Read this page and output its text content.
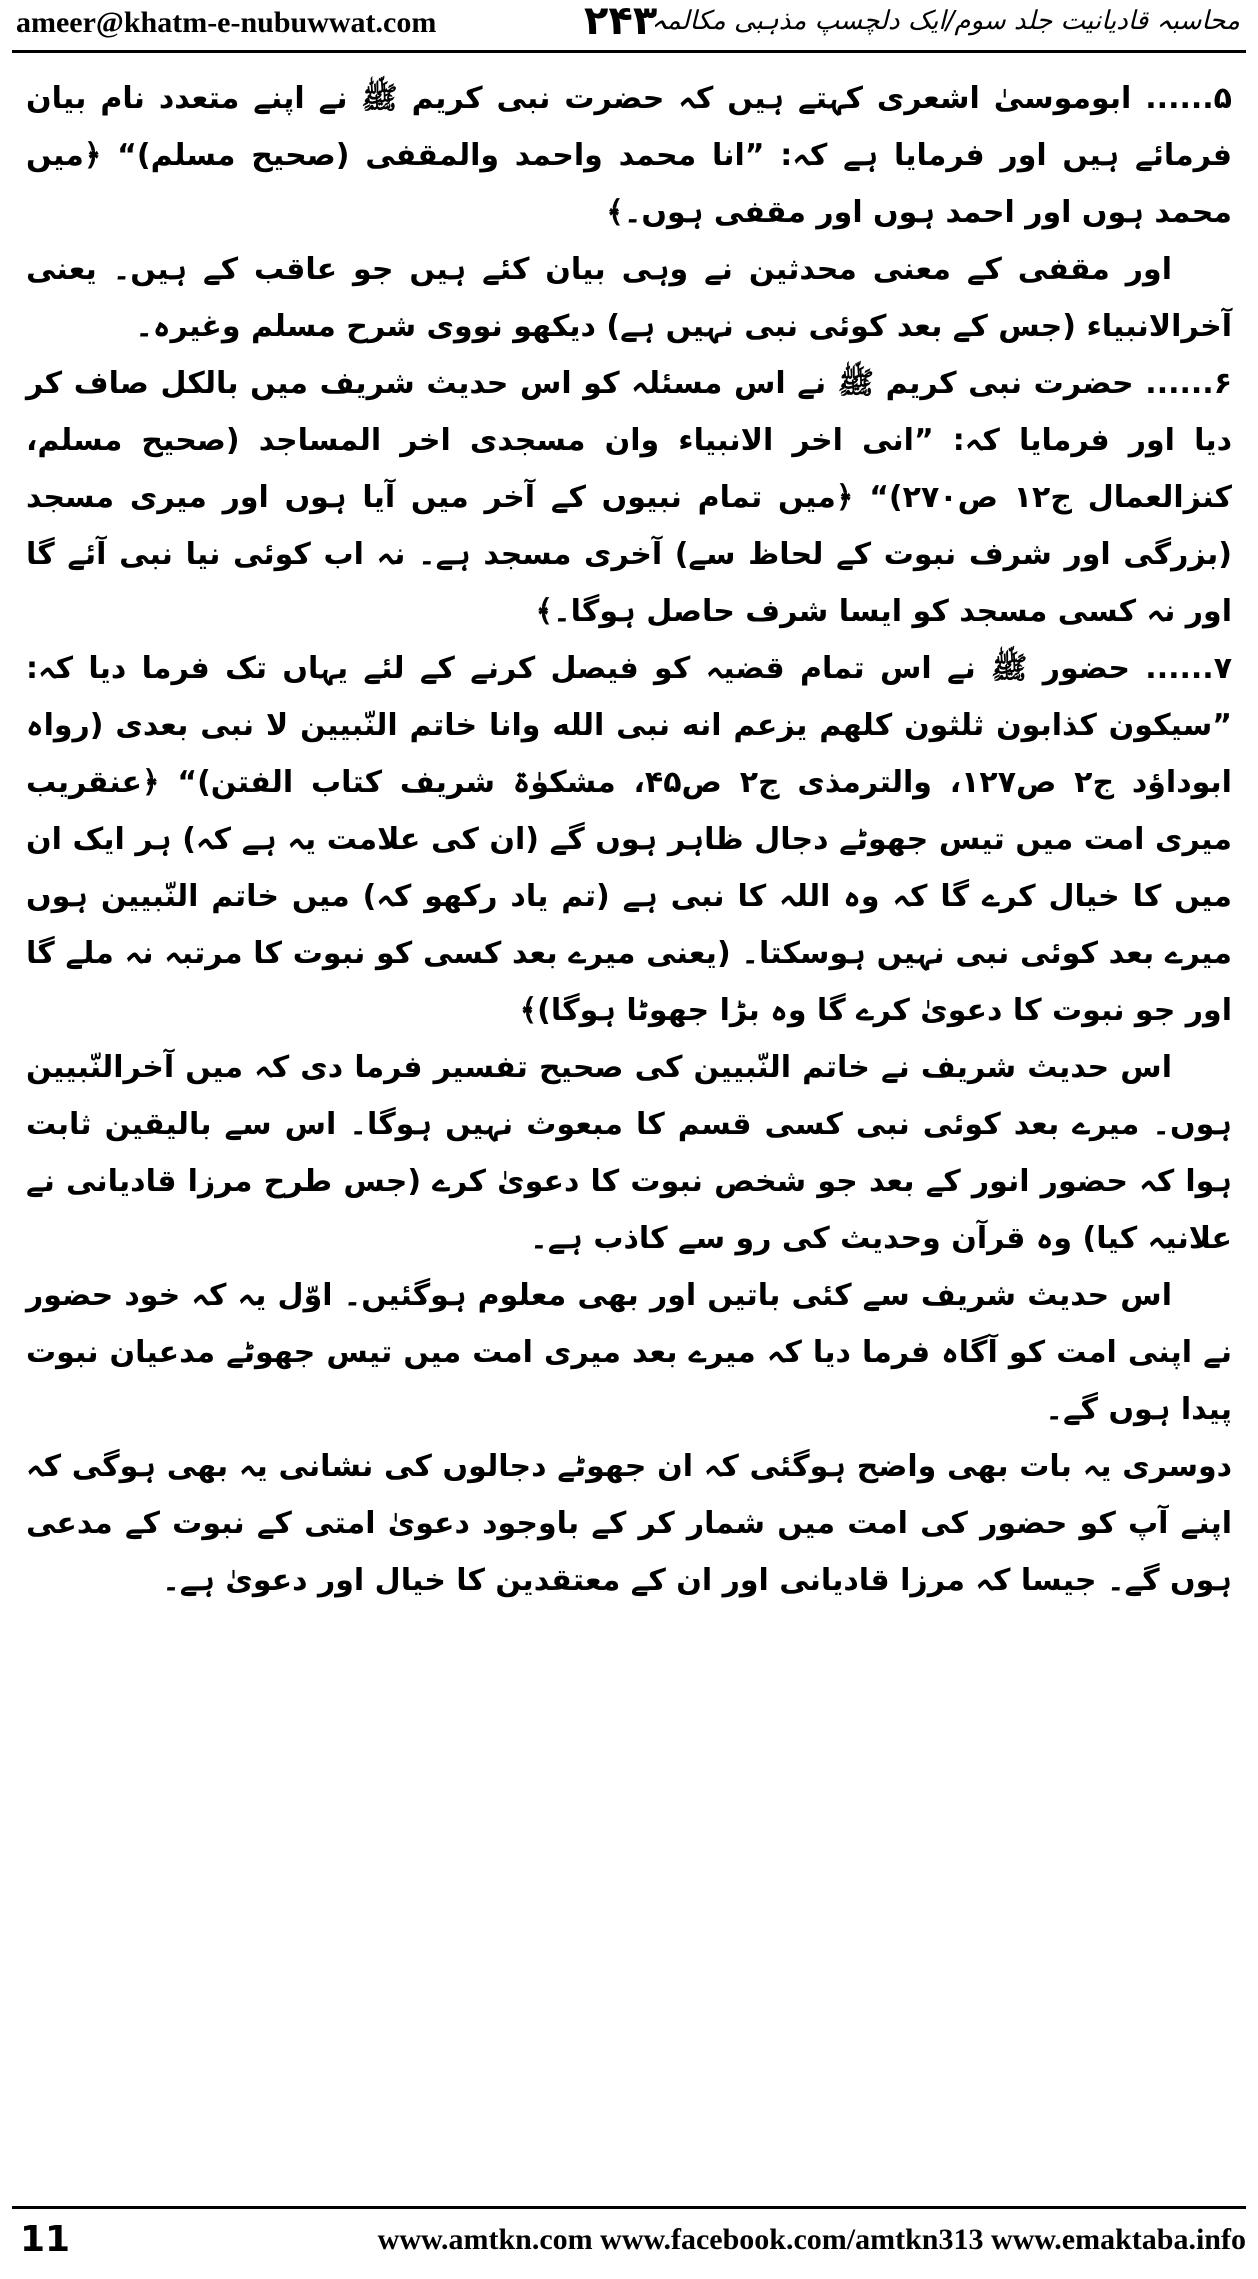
ameer@khatm-e-nubuwwat.com	۲۴۳
محاسبہ قادیانیت جلد سوم/ایک دلچسپ مذہبی مکالمہ

۵...... ابوموسیٰ اشعری کہتے ہیں کہ حضرت نبی کریم ﷺ نے اپنے متعدد نام بیان فرمائے ہیں اور فرمایا ہے کہ: ”انا محمد واحمد والمقفی (صحیح مسلم)“ ﴿میں محمد ہوں اور احمد ہوں اور مقفی ہوں۔﴾

اور مقفی کے معنی محدثین نے وہی بیان کئے ہیں جو عاقب کے ہیں۔ یعنی آخرالانبیاء (جس کے بعد کوئی نبی نہیں ہے) دیکھو نووی شرح مسلم وغیرہ۔

۶...... حضرت نبی کریم ﷺ نے اس مسئلہ کو اس حدیث شریف میں بالکل صاف کر دیا اور فرمایا کہ: ”انی اخر الانبیاء وان مسجدی اخر المساجد (صحیح مسلم، کنزالعمال ج۱۲ ص۲۷۰)“ ﴿میں تمام نبیوں کے آخر میں آیا ہوں اور میری مسجد (بزرگی اور شرف نبوت کے لحاظ سے) آخری مسجد ہے۔ نہ اب کوئی نیا نبی آئے گا اور نہ کسی مسجد کو ایسا شرف حاصل ہوگا۔﴾

۷...... حضور ﷺ نے اس تمام قضیہ کو فیصل کرنے کے لئے یہاں تک فرما دیا کہ: ”سیکون کذابون ثلثون کلھم یزعم انه نبی الله وانا خاتم النّبیین لا نبی بعدی (رواہ ابوداؤد ج۲ ص۱۲۷، والترمذی ج۲ ص۴۵، مشکوٰۃ شریف کتاب الفتن)“ ﴿عنقریب میری امت میں تیس جھوٹے دجال ظاہر ہوں گے (ان کی علامت یہ ہے کہ) ہر ایک ان میں کا خیال کرے گا کہ وہ اللہ کا نبی ہے (تم یاد رکھو کہ) میں خاتم النّبیین ہوں میرے بعد کوئی نبی نہیں ہوسکتا۔ (یعنی میرے بعد کسی کو نبوت کا مرتبہ نہ ملے گا اور جو نبوت کا دعویٰ کرے گا وہ بڑا جھوٹا ہوگا)﴾

اس حدیث شریف نے خاتم النّبیین کی صحیح تفسیر فرما دی کہ میں آخرالنّبیین ہوں۔ میرے بعد کوئی نبی کسی قسم کا مبعوث نہیں ہوگا۔ اس سے بالیقین ثابت ہوا کہ حضور انور کے بعد جو شخص نبوت کا دعویٰ کرے (جس طرح مرزا قادیانی نے علانیہ کیا) وہ قرآن وحدیث کی رو سے کاذب ہے۔

اس حدیث شریف سے کئی باتیں اور بھی معلوم ہوگئیں۔ اوّل یہ کہ خود حضور نے اپنی امت کو آگاہ فرما دیا کہ میرے بعد میری امت میں تیس جھوٹے مدعیان نبوت پیدا ہوں گے۔

دوسری یہ بات بھی واضح ہوگئی کہ ان جھوٹے دجالوں کی نشانی یہ بھی ہوگی کہ اپنے آپ کو حضور کی امت میں شمار کر کے باوجود دعویٰ امتی کے نبوت کے مدعی ہوں گے۔ جیسا کہ مرزا قادیانی اور ان کے معتقدین کا خیال اور دعویٰ ہے۔

11	www.amtkn.com www.facebook.com/amtkn313 www.emaktaba.info
